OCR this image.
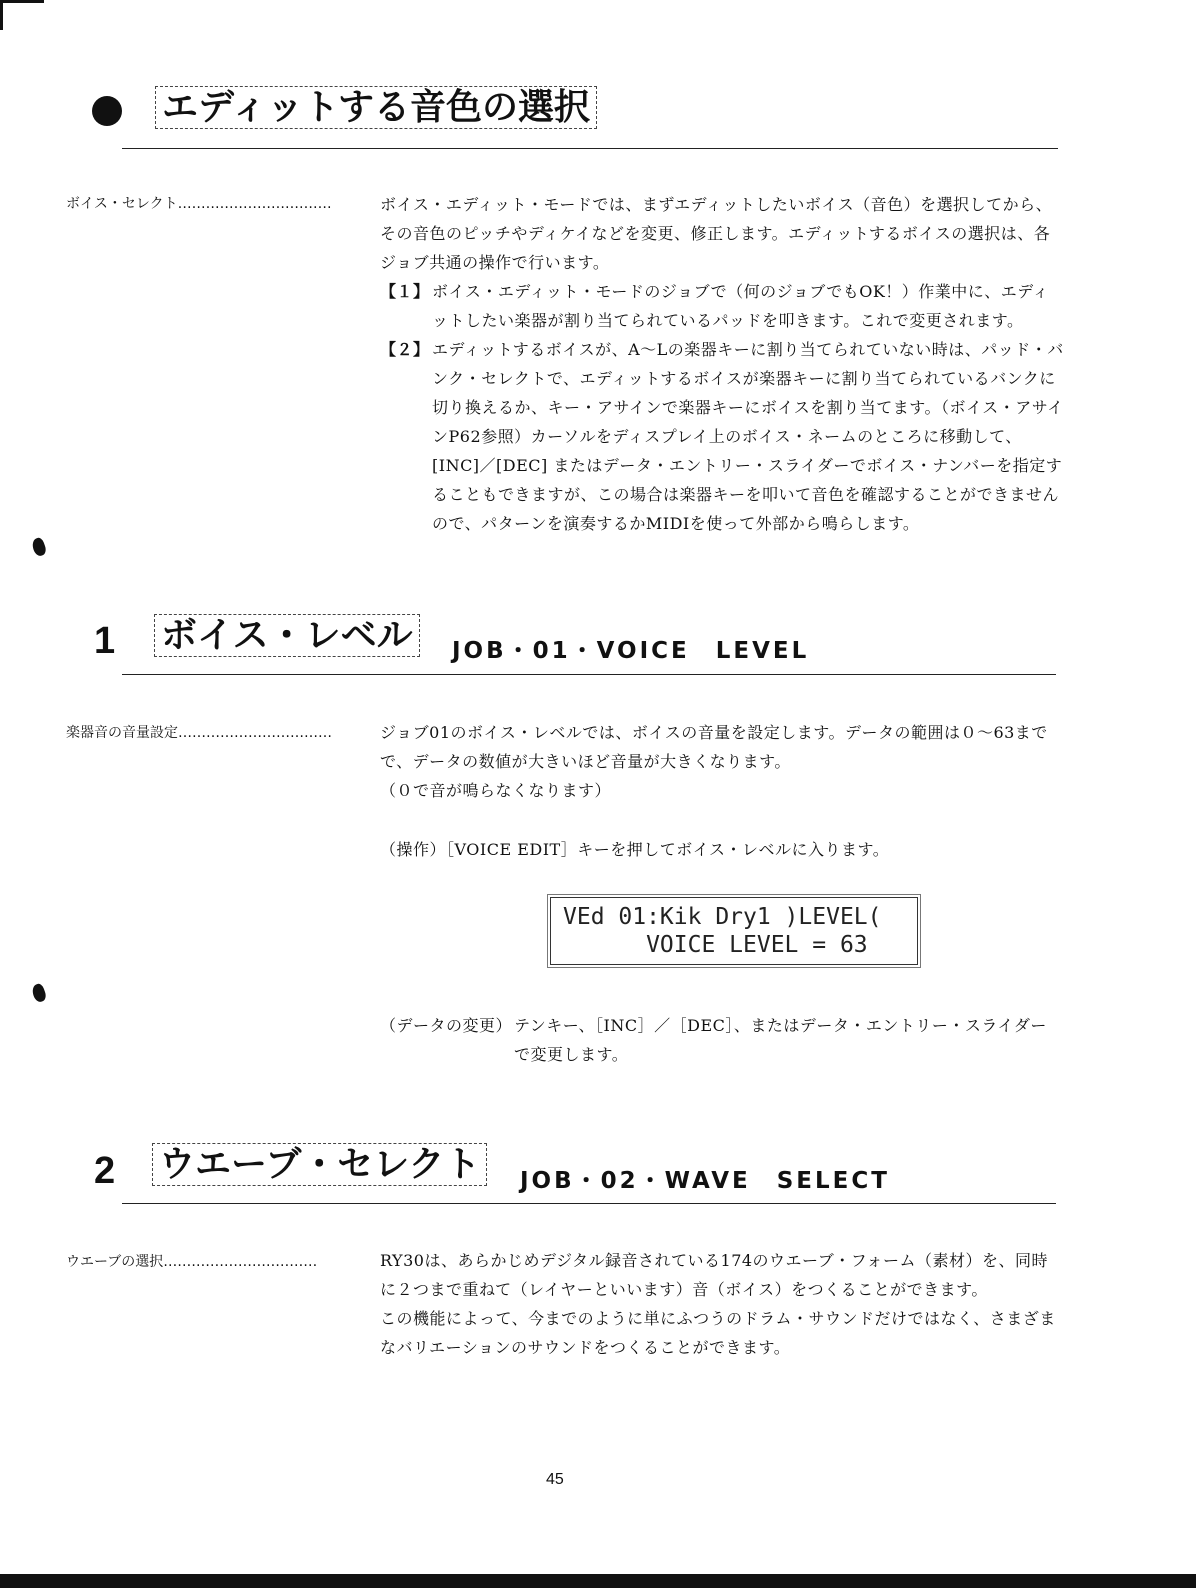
エディットする音色の選択
ボイス・セレクト……………………………	ボイス・エディット・モードでは、まずエディットしたいボイス（音色）を選択してから、その音色のピッチやディケイなどを変更、修正します。エディットするボイスの選択は、各ジョブ共通の操作で行います。

【１】 ボイス・エディット・モードのジョブで（何のジョブでもOK！）作業中に、エディットしたい楽器が割り当てられているパッドを叩きます。これで変更されます。
【２】 エディットするボイスが、A〜Lの楽器キーに割り当てられていない時は、パッド・バンク・セレクトで、エディットするボイスが楽器キーに割り当てられているバンクに切り換えるか、キー・アサインで楽器キーにボイスを割り当てます。（ボイス・アサインP62参照）カーソルをディスプレイ上のボイス・ネームのところに移動して、[INC]／[DEC] またはデータ・エントリー・スライダーでボイス・ナンバーを指定することもできますが、この場合は楽器キーを叩いて音色を確認することができませんので、パターンを演奏するかMIDIを使って外部から鳴らします。
1 ボイス・レベル	JOB・01・VOICE　LEVEL
楽器音の音量設定……………………………	ジョブ01のボイス・レベルでは、ボイスの音量を設定します。データの範囲は０〜63までで、データの数値が大きいほど音量が大きくなります。

（０で音が鳴らなくなります）

（操作）［VOICE EDIT］キーを押してボイス・レベルに入ります。
VEd 01:Kik Dry1 )LEVEL(
VOICE LEVEL = 63
（データの変更） テンキー、［INC］／［DEC］、またはデータ・エントリー・スライダーで変更します。
2 ウエーブ・セレクト	JOB・02・WAVE　SELECT
ウエーブの選択……………………………	RY30は、あらかじめデジタル録音されている174のウエーブ・フォーム（素材）を、同時に２つまで重ねて（レイヤーといいます）音（ボイス）をつくることができます。

この機能によって、今までのように単にふつうのドラム・サウンドだけではなく、さまざまなバリエーションのサウンドをつくることができます。

45
